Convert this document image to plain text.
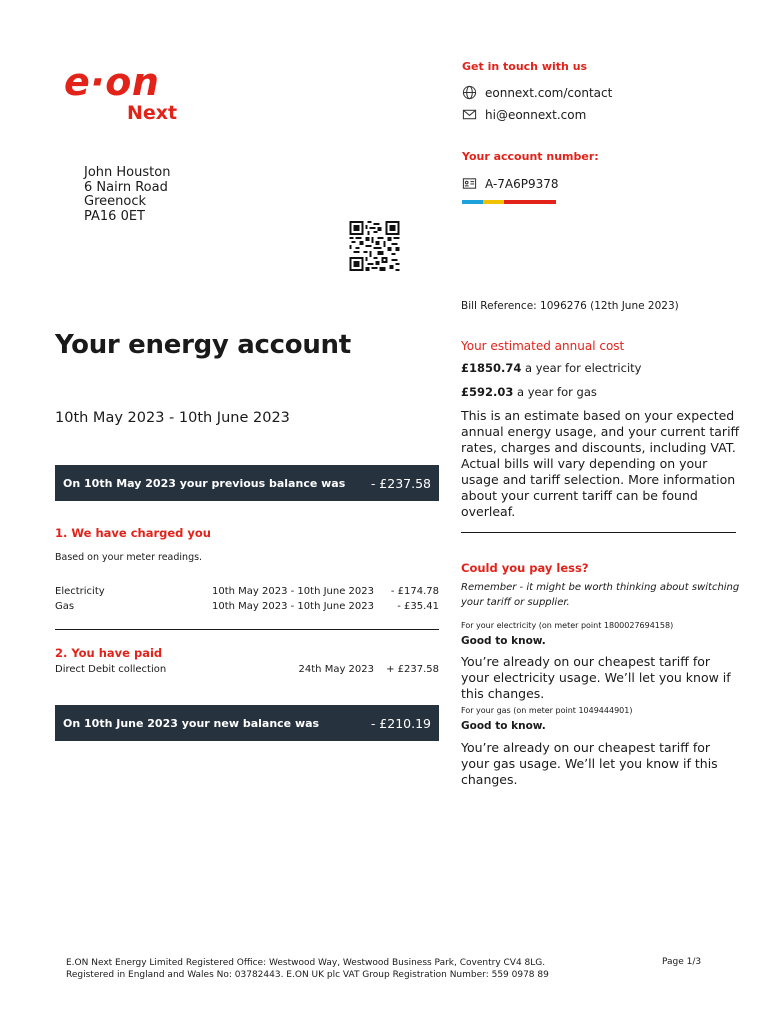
e·on
Next
John Houston
6 Nairn Road
Greenock
PA16 0ET
Get in touch with us
eonnext.com/contact
hi@eonnext.com
Your account number:
A-7A6P9378
Bill Reference: 1096276 (12th June 2023)
Your energy account
10th May 2023 - 10th June 2023
On 10th May 2023 your previous balance was - £237.58
1. We have charged you
Based on your meter readings.
Electricity	10th May 2023 - 10th June 2023 - £174.78
Gas	10th May 2023 - 10th June 2023 - £35.41
2. You have paid
Direct Debit collection	24th May 2023 + £237.58
On 10th June 2023 your new balance was	- £210.19
Your estimated annual cost
£1850.74 a year for electricity
£592.03 a year for gas
This is an estimate based on your expected annual energy usage, and your current tariff rates, charges and discounts, including VAT. Actual bills will vary depending on your usage and tariff selection. More information about your current tariff can be found overleaf.
Could you pay less?
Remember - it might be worth thinking about switching your tariff or supplier.
For your electricity (on meter point 1800027694158)
Good to know.
You’re already on our cheapest tariff for your electricity usage. We’ll let you know if this changes.
For your gas (on meter point 1049444901)
Good to know.
You’re already on our cheapest tariff for your gas usage. We’ll let you know if this changes.
E.ON Next Energy Limited Registered Office: Westwood Way, Westwood Business Park, Coventry CV4 8LG.
Registered in England and Wales No: 03782443. E.ON UK plc VAT Group Registration Number: 559 0978 89
Page 1/3
